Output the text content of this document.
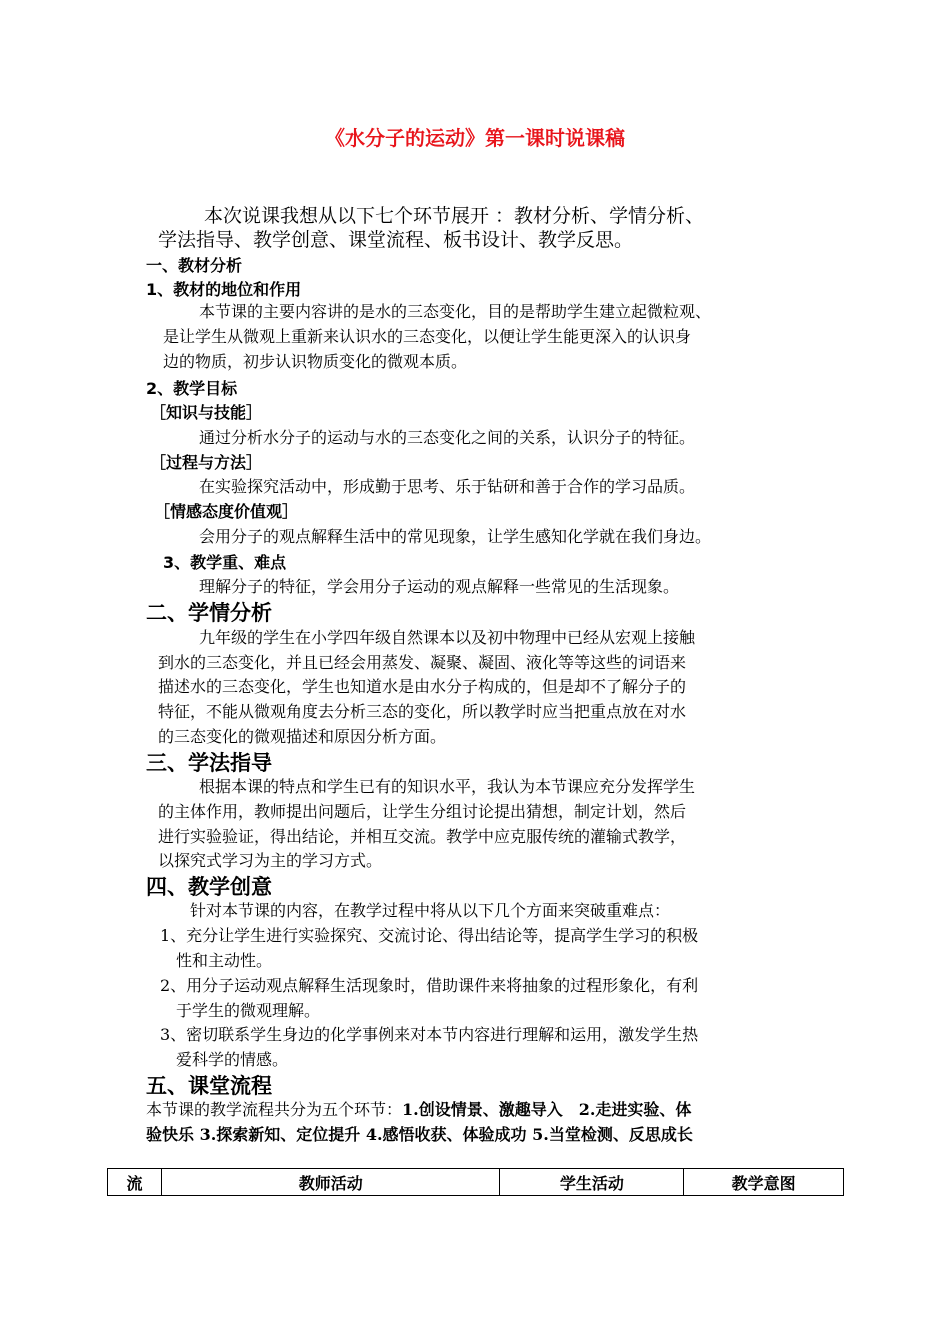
《水分子的运动》第一课时说课稿
本次说课我想从以下七个环节展开 ：教材分析、学情分析、
学法指导、教学创意、课堂流程、板书设计、教学反思。
一、教材分析
1、教材的地位和作用
本节课的主要内容讲的是水的三态变化，目的是帮助学生建立起微粒观、
是让学生从微观上重新来认识水的三态变化，以便让学生能更深入的认识身
边的物质，初步认识物质变化的微观本质。
2、教学目标
［知识与技能］
通过分析水分子的运动与水的三态变化之间的关系，认识分子的特征。
［过程与方法］
在实验探究活动中，形成勤于思考、乐于钻研和善于合作的学习品质。
［情感态度价值观］
会用分子的观点解释生活中的常见现象，让学生感知化学就在我们身边。
3、教学重、难点
理解分子的特征，学会用分子运动的观点解释一些常见的生活现象。
二、学情分析
九年级的学生在小学四年级自然课本以及初中物理中已经从宏观上接触
到水的三态变化，并且已经会用蒸发、凝聚、凝固、液化等等这些的词语来
描述水的三态变化，学生也知道水是由水分子构成的，但是却不了解分子的
特征，不能从微观角度去分析三态的变化，所以教学时应当把重点放在对水
的三态变化的微观描述和原因分析方面。
三、学法指导
根据本课的特点和学生已有的知识水平，我认为本节课应充分发挥学生
的主体作用，教师提出问题后，让学生分组讨论提出猜想，制定计划，然后
进行实验验证，得出结论，并相互交流。教学中应克服传统的灌输式教学，
以探究式学习为主的学习方式。
四、教学创意
针对本节课的内容，在教学过程中将从以下几个方面来突破重难点：
1、充分让学生进行实验探究、交流讨论、得出结论等，提高学生学习的积极
性和主动性。
2、用分子运动观点解释生活现象时，借助课件来将抽象的过程形象化，有利
于学生的微观理解。
3、密切联系学生身边的化学事例来对本节内容进行理解和运用，激发学生热
爱科学的情感。
五、课堂流程
本节课的教学流程共分为五个环节：1.创设情景、激趣导入　2.走进实验、体
验快乐 3.探索新知、定位提升 4.感悟收获、体验成功 5.当堂检测、反思成长
流	教师活动	学生活动	教学意图
